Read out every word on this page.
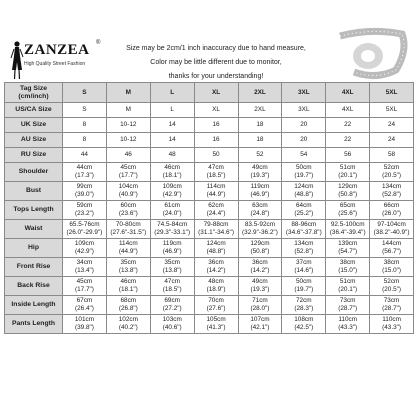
ZANZEA ®
High Quality Street Fashion
Size may be 2cm/1 inch inaccuracy due to hand measure,
Color may be little different due to monitor,
thanks for your understanding!
Tag Size
(cm/inch)	S	M	L	XL	2XL	3XL	4XL	5XL
US/CA Size	S	M	L	XL	2XL	3XL	4XL	5XL
UK Size	8	10-12	14	16	18	20	22	24
AU Size	8	10-12	14	16	18	20	22	24
RU Size	44	46	48	50	52	54	56	58
Shoulder	44cm
(17.3")	45cm
(17.7")	46cm
(18.1")	47cm
(18.5")	49cm
(19.3")	50cm
(19.7")	51cm
(20.1")	52cm
(20.5")

Bust	99cm
(39.0")	104cm
(40.9")	109cm
(42.9")	114cm
(44.9")	119cm
(46.9")	124cm
(48.8")	129cm
(50.8")	134cm
(52.8")

Tops Length	59cm
(23.2")	60cm
(23.6")	61cm
(24.0")	62cm
(24.4")	63cm
(24.8")	64cm
(25.2")	65cm
(25.6")	66cm
(26.0")

Waist	65.5-76cm
(26.0"-29.9")	70-80cm
(27.6"-31.5")	74.5-84cm
(29.3"-33.1")	79-88cm
(31.1"-34.6")	83.5-92cm
(32.9"-36.2")	88-96cm
(34.6"-37.8")	92.5-100cm
(36.4"-39.4")	97-104cm
(38.2"-40.9")

Hip	109cm
(42.9")	114cm
(44.9")	119cm
(46.9")	124cm
(48.8")	129cm
(50.8")	134cm
(52.8")	139cm
(54.7")	144cm
(56.7")

Front Rise	34cm
(13.4")	35cm
(13.8")	35cm
(13.8")	36cm
(14.2")	36cm
(14.2")	37cm
(14.6")	38cm
(15.0")	38cm
(15.0")

Back Rise	45cm
(17.7")	46cm
(18.1")	47cm
(18.5")	48cm
(18.9")	49cm
(19.3")	50cm
(19.7")	51cm
(20.1")	52cm
(20.5")

Inside Length	67cm
(26.4")	68cm
(26.8")	69cm
(27.2")	70cm
(27.6")	71cm
(28.0")	72cm
(28.3")	73cm
(28.7")	73cm
(28.7")

Pants Length	101cm
(39.8")	102cm
(40.2")	103cm
(40.6")	105cm
(41.3")	107cm
(42.1")	108cm
(42.5")	110cm
(43.3")	110cm
(43.3")
